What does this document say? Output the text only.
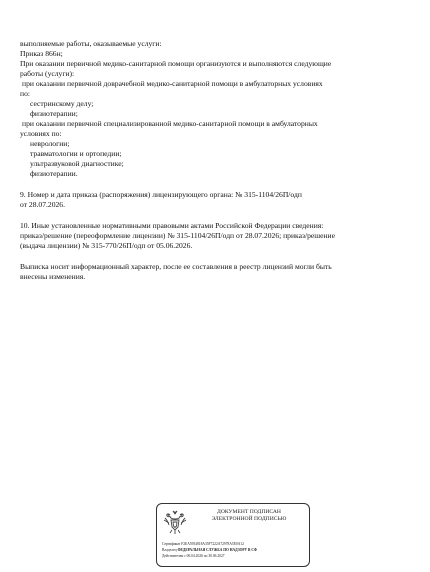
выполняемые работы, оказываемые услуги:
Приказ 866н;
При оказании первичной медико-санитарной помощи организуются и выполняются следующие
работы (услуги):
при оказании первичной доврачебной медико-санитарной помощи в амбулаторных условиях
по:
сестринскому делу;
физиотерапии;
при оказании первичной специализированной медико-санитарной помощи в амбулаторных
условиях по:
неврологии;
травматологии и ортопедии;
ультразвуковой диагностике;
физиотерапии.
9. Номер и дата приказа (распоряжения) лицензирующего органа: № 315-1104/26П/одп
от 28.07.2026.
10. Иные установленные нормативными правовыми актами Российской Федерации сведения:
приказ/решение (переоформление лицензии) № 315-1104/26П/одп от 28.07.2026; приказ/решение
(выдача лицензии) № 315-770/26П/одп от 05.06.2026.
Выписка носит информационный характер, после ее составления в реестр лицензий могли быть
внесены изменения.
ДОКУМЕНТ ПОДПИСАН
ЭЛЕКТРОННОЙ ПОДПИСЬЮ
Сертификат F2EA5954818A35F7222A72978A5E0A12
Владелец ФЕДЕРАЛЬНАЯ СЛУЖБА ПО НАДЗОРУ В СФ
Действителен с 06.04.2026 по 30.06.2027
